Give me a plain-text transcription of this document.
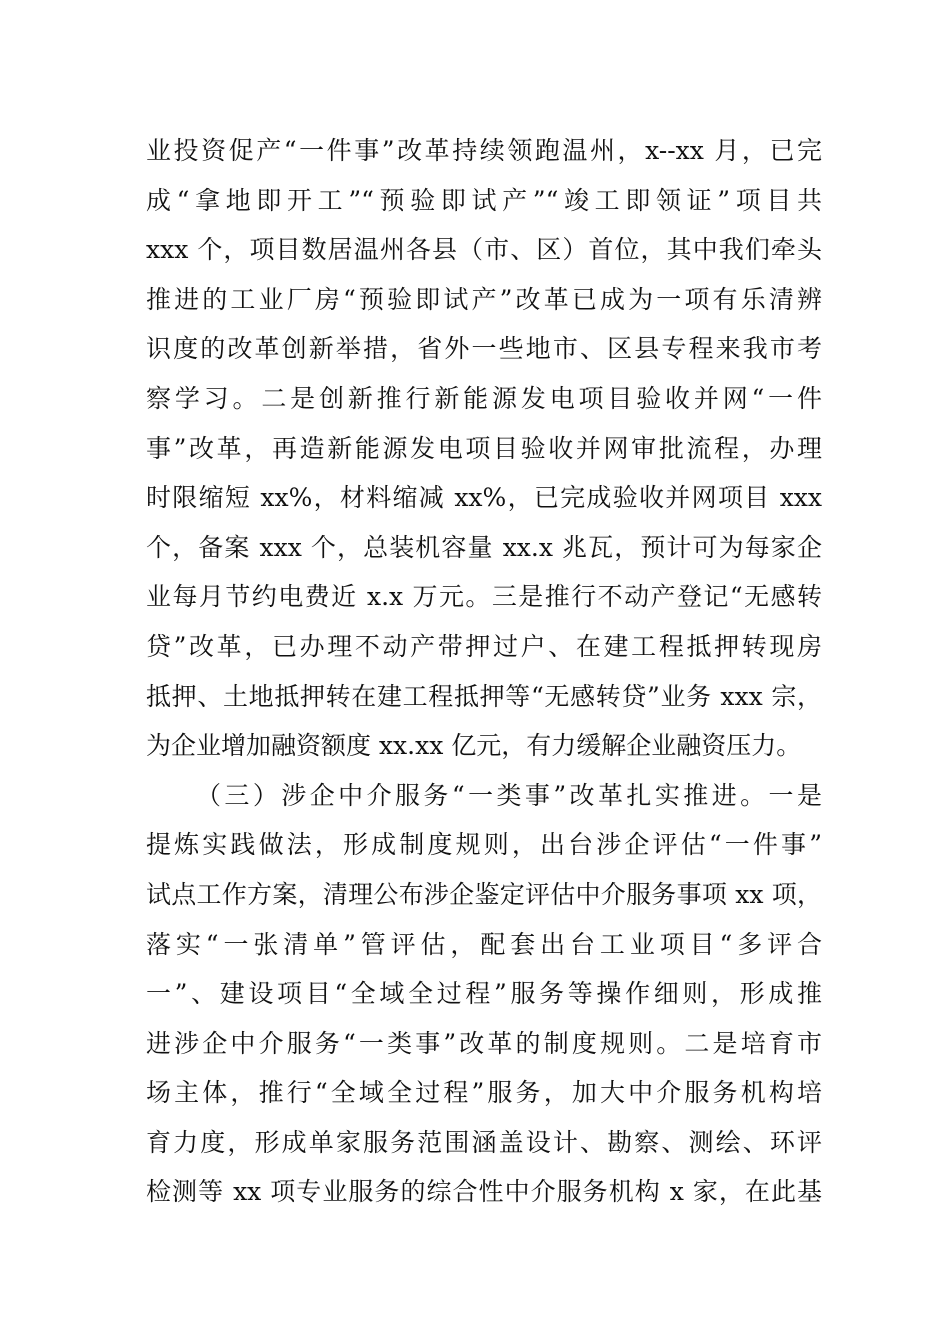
业投资促产“一件事”改革持续领跑温州，x--xx 月，已完
成“拿地即开工”“预验即试产”“竣工即领证”项目共
xxx 个，项目数居温州各县（市、区）首位，其中我们牵头
推进的工业厂房“预验即试产”改革已成为一项有乐清辨
识度的改革创新举措，省外一些地市、区县专程来我市考
察学习。二是创新推行新能源发电项目验收并网“一件
事”改革，再造新能源发电项目验收并网审批流程，办理
时限缩短 xx%，材料缩减 xx%，已完成验收并网项目 xxx
个，备案 xxx 个，总装机容量 xx.x 兆瓦，预计可为每家企
业每月节约电费近 x.x 万元。三是推行不动产登记“无感转
贷”改革，已办理不动产带押过户、在建工程抵押转现房
抵押、土地抵押转在建工程抵押等“无感转贷”业务 xxx 宗，
为企业增加融资额度 xx.xx 亿元，有力缓解企业融资压力。
（三）涉企中介服务“一类事”改革扎实推进。一是
提炼实践做法，形成制度规则，出台涉企评估“一件事”
试点工作方案，清理公布涉企鉴定评估中介服务事项 xx 项，
落实“一张清单”管评估，配套出台工业项目“多评合
一”、建设项目“全域全过程”服务等操作细则，形成推
进涉企中介服务“一类事”改革的制度规则。二是培育市
场主体，推行“全域全过程”服务，加大中介服务机构培
育力度，形成单家服务范围涵盖设计、勘察、测绘、环评
检测等 xx 项专业服务的综合性中介服务机构 x 家，在此基
